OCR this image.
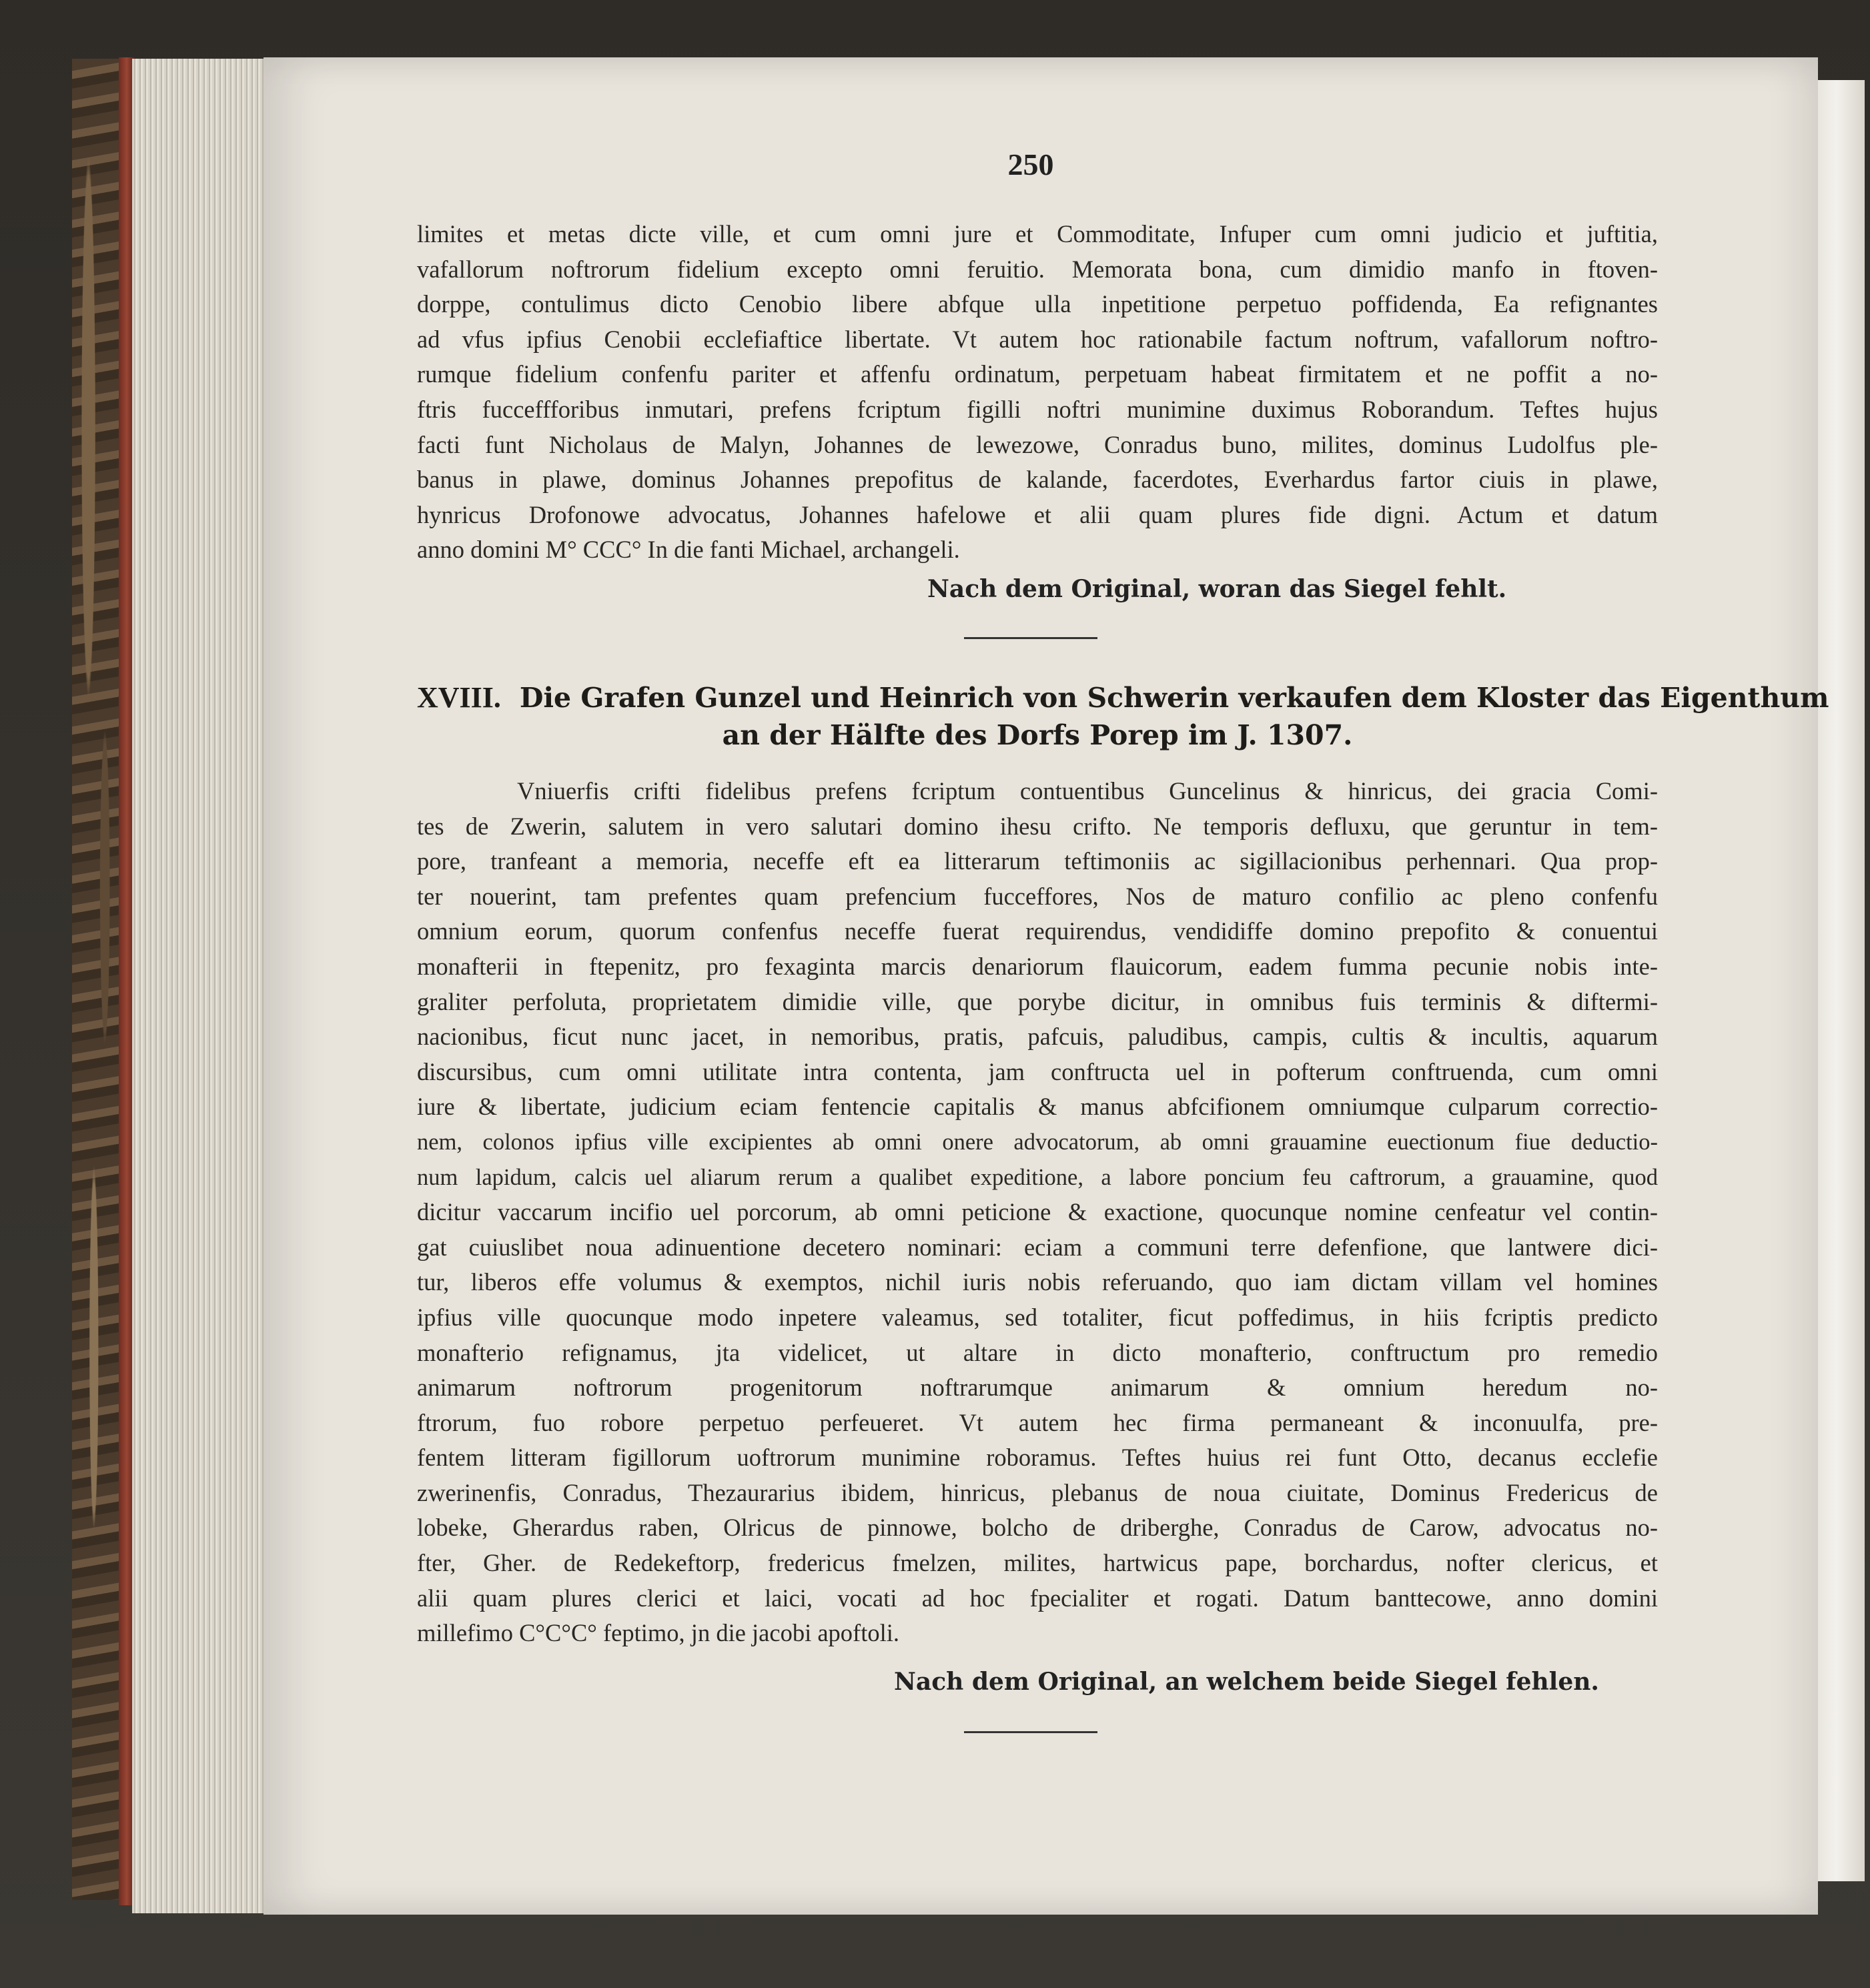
250
limites et metas dicte ville, et cum omni jure et Commoditate, Infuper cum omni judicio et juftitia,
vafallorum noftrorum fidelium excepto omni feruitio. Memorata bona, cum dimidio manfo in ftoven-
dorppe, contulimus dicto Cenobio libere abfque ulla inpetitione perpetuo poffidenda, Ea refignantes
ad vfus ipfius Cenobii ecclefiaftice libertate. Vt autem hoc rationabile factum noftrum, vafallorum noftro-
rumque fidelium confenfu pariter et affenfu ordinatum, perpetuam habeat firmitatem et ne poffit a no-
ftris fucceffforibus inmutari, prefens fcriptum figilli noftri munimine duximus Roborandum. Teftes hujus
facti funt Nicholaus de Malyn, Johannes de lewezowe, Conradus buno, milites, dominus Ludolfus ple-
banus in plawe, dominus Johannes prepofitus de kalande, facerdotes, Everhardus fartor ciuis in plawe,
hynricus Drofonowe advocatus, Johannes hafelowe et alii quam plures fide digni. Actum et datum
anno domini M° CCC° In die fanti Michael, archangeli.
Nach dem Original, woran das Siegel fehlt.
XVIII. Die Grafen Gunzel und Heinrich von Schwerin verkaufen dem Kloster das Eigenthum
an der Hälfte des Dorfs Porep im J. 1307.
Vniuerfis crifti fidelibus prefens fcriptum contuentibus Guncelinus & hinricus, dei gracia Comi-
tes de Zwerin, salutem in vero salutari domino ihesu crifto. Ne temporis defluxu, que geruntur in tem-
pore, tranfeant a memoria, neceffe eft ea litterarum teftimoniis ac sigillacionibus perhennari. Qua prop-
ter nouerint, tam prefentes quam prefencium fucceffores, Nos de maturo confilio ac pleno confenfu
omnium eorum, quorum confenfus neceffe fuerat requirendus, vendidiffe domino prepofito & conuentui
monafterii in ftepenitz, pro fexaginta marcis denariorum flauicorum, eadem fumma pecunie nobis inte-
graliter perfoluta, proprietatem dimidie ville, que porybe dicitur, in omnibus fuis terminis & diftermi-
nacionibus, ficut nunc jacet, in nemoribus, pratis, pafcuis, paludibus, campis, cultis & incultis, aquarum
discursibus, cum omni utilitate intra contenta, jam conftructa uel in pofterum conftruenda, cum omni
iure & libertate, judicium eciam fentencie capitalis & manus abfcifionem omniumque culparum correctio-
nem, colonos ipfius ville excipientes ab omni onere advocatorum, ab omni grauamine euectionum fiue deductio-
num lapidum, calcis uel aliarum rerum a qualibet expeditione, a labore poncium feu caftrorum, a grauamine, quod
dicitur vaccarum incifio uel porcorum, ab omni peticione & exactione, quocunque nomine cenfeatur vel contin-
gat cuiuslibet noua adinuentione decetero nominari: eciam a communi terre defenfione, que lantwere dici-
tur, liberos effe volumus & exemptos, nichil iuris nobis referuando, quo iam dictam villam vel homines
ipfius ville quocunque modo inpetere valeamus, sed totaliter, ficut poffedimus, in hiis fcriptis predicto
monafterio refignamus, jta videlicet, ut altare in dicto monafterio, conftructum pro remedio
animarum noftrorum progenitorum noftrarumque animarum & omnium heredum no-
ftrorum, fuo robore perpetuo perfeueret. Vt autem hec firma permaneant & inconuulfa, pre-
fentem litteram figillorum uoftrorum munimine roboramus. Teftes huius rei funt Otto, decanus ecclefie
zwerinenfis, Conradus, Thezaurarius ibidem, hinricus, plebanus de noua ciuitate, Dominus Fredericus de
lobeke, Gherardus raben, Olricus de pinnowe, bolcho de driberghe, Conradus de Carow, advocatus no-
fter, Gher. de Redekeftorp, fredericus fmelzen, milites, hartwicus pape, borchardus, nofter clericus, et
alii quam plures clerici et laici, vocati ad hoc fpecialiter et rogati. Datum banttecowe, anno domini
millefimo C°C°C° feptimo, jn die jacobi apoftoli.
Nach dem Original, an welchem beide Siegel fehlen.
